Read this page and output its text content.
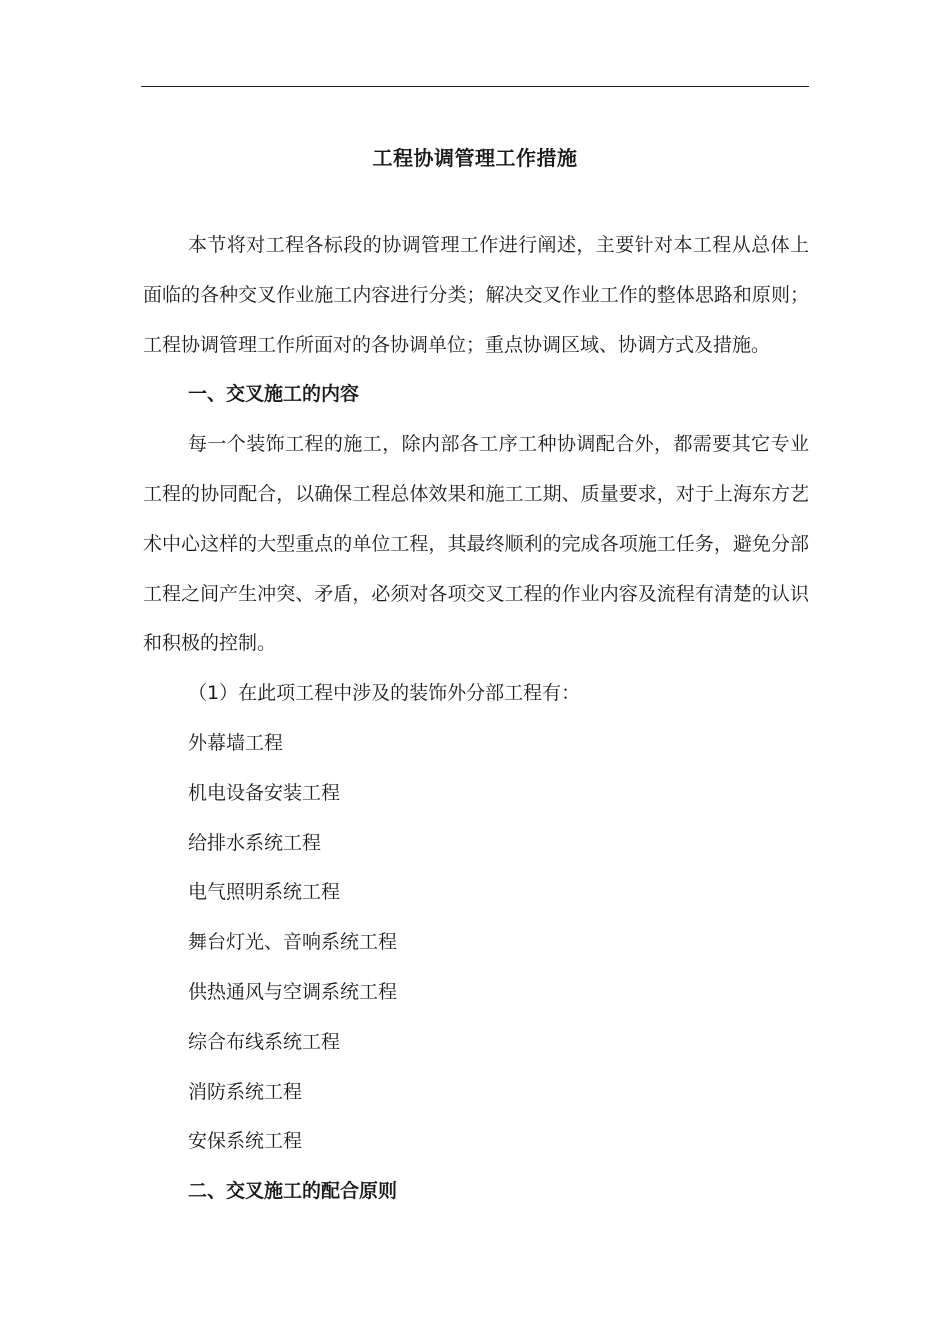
工程协调管理工作措施

本节将对工程各标段的协调管理工作进行阐述，主要针对本工程从总体上面临的各种交叉作业施工内容进行分类；解决交叉作业工作的整体思路和原则；工程协调管理工作所面对的各协调单位；重点协调区域、协调方式及措施。

一、交叉施工的内容

每一个装饰工程的施工，除内部各工序工种协调配合外，都需要其它专业工程的协同配合，以确保工程总体效果和施工工期、质量要求，对于上海东方艺术中心这样的大型重点的单位工程，其最终顺利的完成各项施工任务，避免分部工程之间产生冲突、矛盾，必须对各项交叉工程的作业内容及流程有清楚的认识和积极的控制。

（1）在此项工程中涉及的装饰外分部工程有：

外幕墙工程

机电设备安装工程

给排水系统工程

电气照明系统工程

舞台灯光、音响系统工程

供热通风与空调系统工程

综合布线系统工程

消防系统工程

安保系统工程

二、交叉施工的配合原则
